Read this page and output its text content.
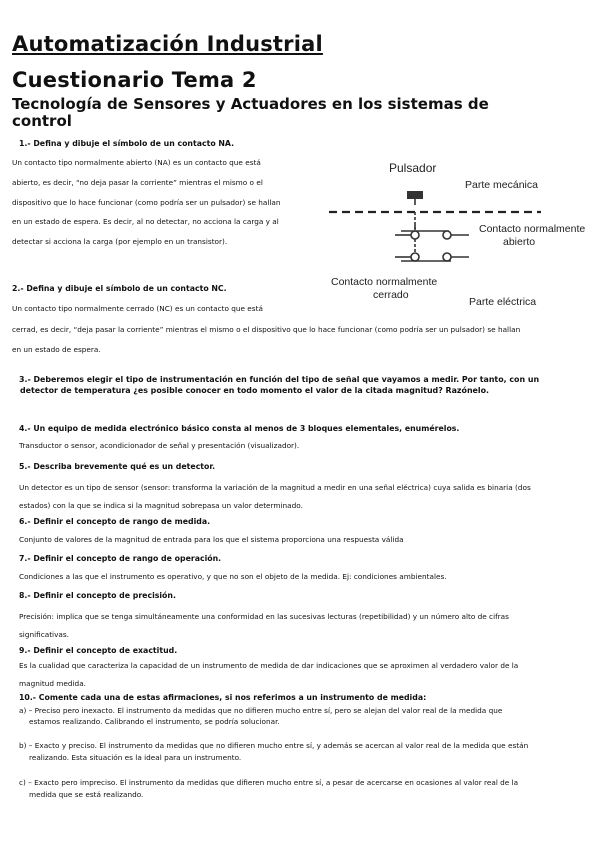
Automatización Industrial
Cuestionario Tema 2
Tecnología de Sensores y Actuadores en los sistemas de control
1.- Defina y dibuje el símbolo de un contacto NA.
Un contacto tipo normalmente abierto (NA) es un contacto que está
abierto, es decir, “no deja pasar la corriente” mientras el mismo o el
dispositivo que lo hace funcionar (como podría ser un pulsador) se hallan
en un estado de espera. Es decir, al no detectar, no acciona la carga y al
detectar si acciona la carga (por ejemplo en un transistor).
Pulsador
Parte mecánica
Contacto normalmente
abierto
Contacto normalmente
cerrado
Parte eléctrica
2.- Defina y dibuje el símbolo de un contacto NC.
Un contacto tipo normalmente cerrado (NC) es un contacto que está
cerrad, es decir, “deja pasar la corriente” mientras el mismo o el dispositivo que lo hace funcionar (como podría ser un pulsador) se hallan
en un estado de espera.
3.- Deberemos elegir el tipo de instrumentación en función del tipo de señal que vayamos a medir. Por tanto, con un
detector de temperatura ¿es posible conocer en todo momento el valor de la citada magnitud? Razónelo.
4.- Un equipo de medida electrónico básico consta al menos de 3 bloques elementales, enumérelos.
Transductor o sensor, acondicionador de señal y presentación (visualizador).
5.- Describa brevemente qué es un detector.
Un detector es un tipo de sensor (sensor: transforma la variación de la magnitud a medir en una señal eléctrica) cuya salida es binaria (dos
estados) con la que se indica si la magnitud sobrepasa un valor determinado.
6.- Definir el concepto de rango de medida.
Conjunto de valores de la magnitud de entrada para los que el sistema proporciona una respuesta válida
7.- Definir el concepto de rango de operación.
Condiciones a las que el instrumento es operativo, y que no son el objeto de la medida. Ej: condiciones ambientales.
8.- Definir el concepto de precisión.
Precisión: implica que se tenga simultáneamente una conformidad en las sucesivas lecturas (repetibilidad) y un número alto de cifras
significativas.
9.- Definir el concepto de exactitud.
Es la cualidad que caracteriza la capacidad de un instrumento de medida de dar indicaciones que se aproximen al verdadero valor de la
magnitud medida.
10.- Comente cada una de estas afirmaciones, si nos referimos a un instrumento de medida:
a) – Preciso pero inexacto. El instrumento da medidas que no difieren mucho entre sí, pero se alejan del valor real de la medida que
estamos realizando. Calibrando el instrumento, se podría solucionar.
b) – Exacto y preciso. El instrumento da medidas que no difieren mucho entre sí, y además se acercan al valor real de la medida que están
realizando. Esta situación es la ideal para un instrumento.
c) – Exacto pero impreciso. El instrumento da medidas que difieren mucho entre sí, a pesar de acercarse en ocasiones al valor real de la
medida que se está realizando.
